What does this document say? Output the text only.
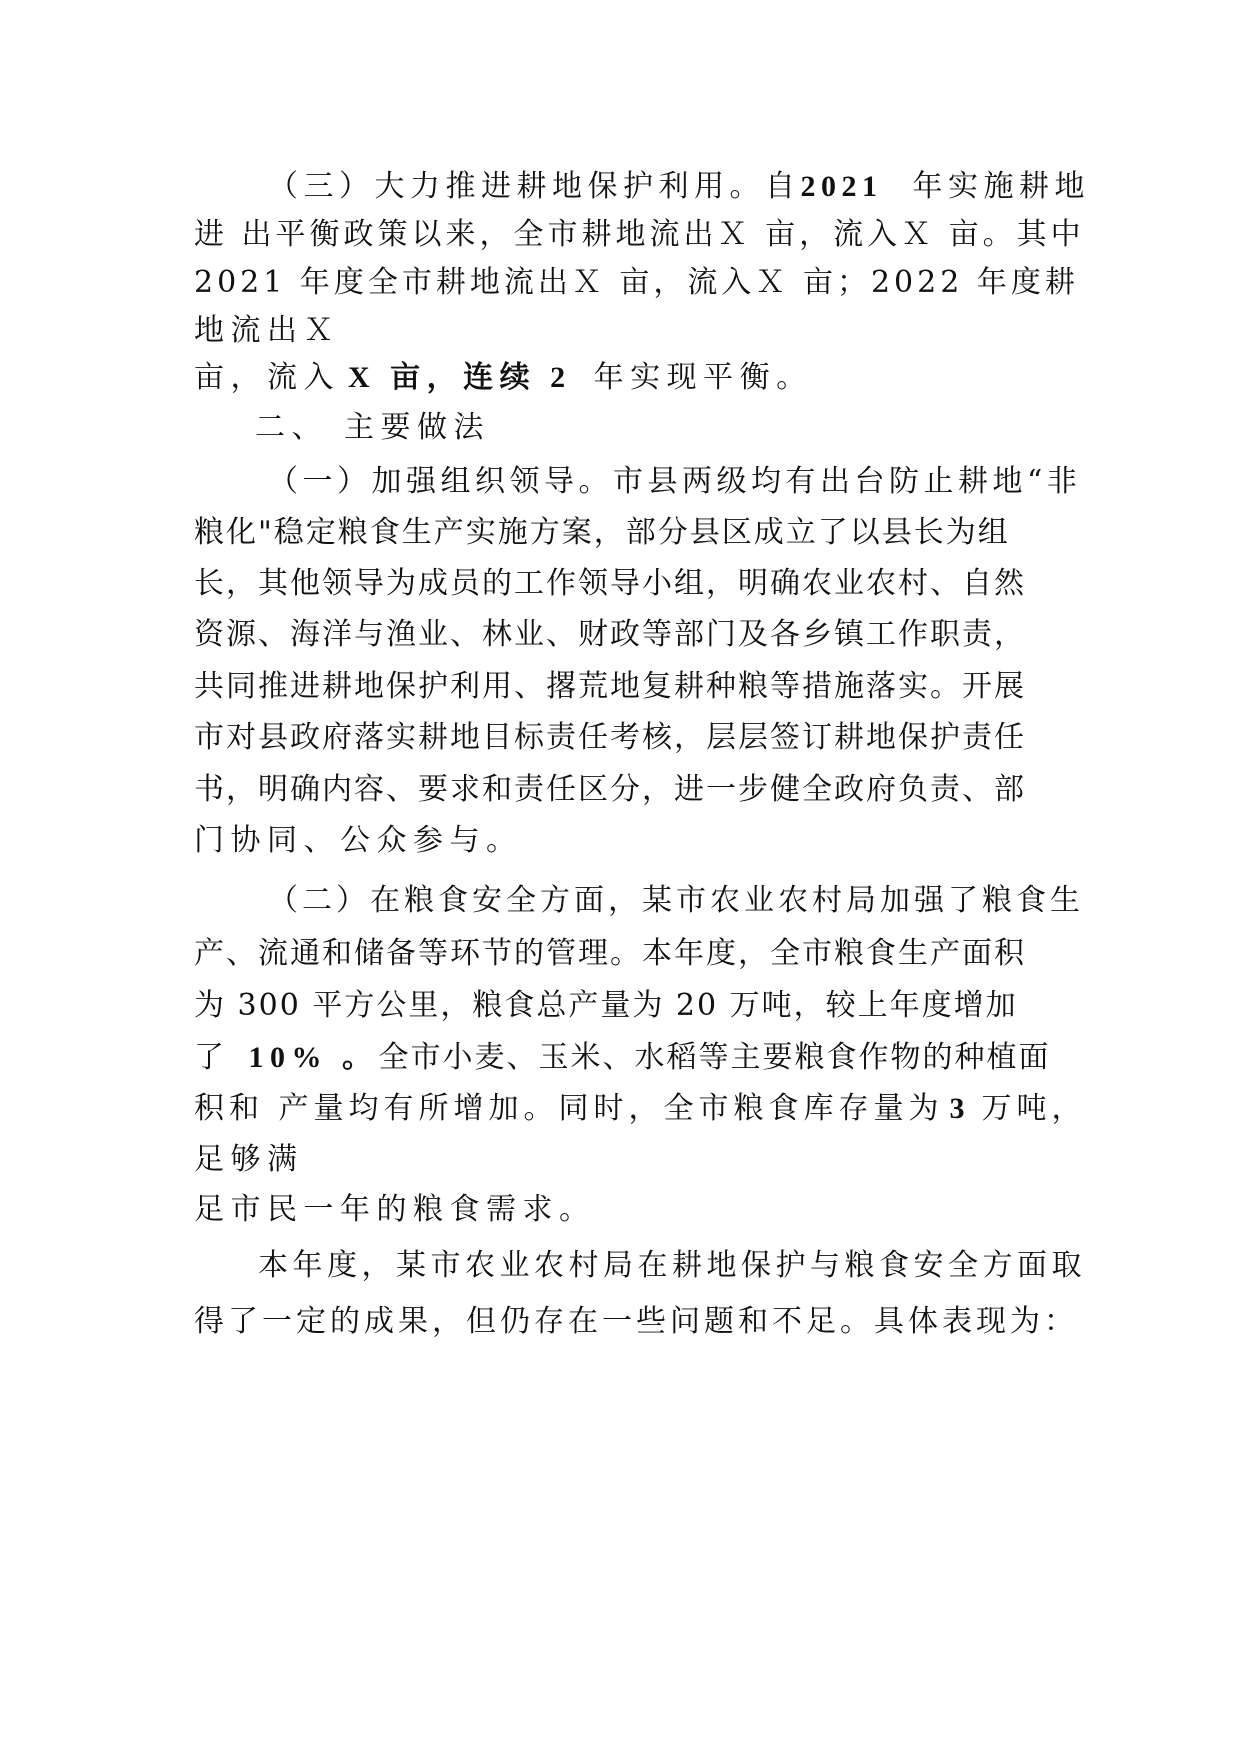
（三）大力推进耕地保护利用。自2021 年实施耕地
进 出平衡政策以来，全市耕地流出Ｘ 亩，流入Ｘ 亩。其中
2021 年度全市耕地流出Ｘ 亩，流入Ｘ 亩；2022 年度耕
地流出Ｘ
亩，流入 X 亩，连续 2 年实现平衡。
二、 主要做法
（一）加强组织领导。市县两级均有出台防止耕地“非
粮化"稳定粮食生产实施方案，部分县区成立了以县长为组
长，其他领导为成员的工作领导小组，明确农业农村、自然
资源、海洋与渔业、林业、财政等部门及各乡镇工作职责，
共同推进耕地保护利用、撂荒地复耕种粮等措施落实。开展
市对县政府落实耕地目标责任考核，层层签订耕地保护责任
书，明确内容、要求和责任区分，进一步健全政府负责、部
门协同、公众参与。
（二）在粮食安全方面，某市农业农村局加强了粮食生
产、流通和储备等环节的管理。本年度，全市粮食生产面积
为 300 平方公里，粮食总产量为 20 万吨，较上年度增加
了 10% 。全市小麦、玉米、水稻等主要粮食作物的种植面
积和 产量均有所增加。同时，全市粮食库存量为 3 万吨，
足够满
足市民一年的粮食需求。
本年度，某市农业农村局在耕地保护与粮食安全方面取
得了一定的成果，但仍存在一些问题和不足。具体表现为：
